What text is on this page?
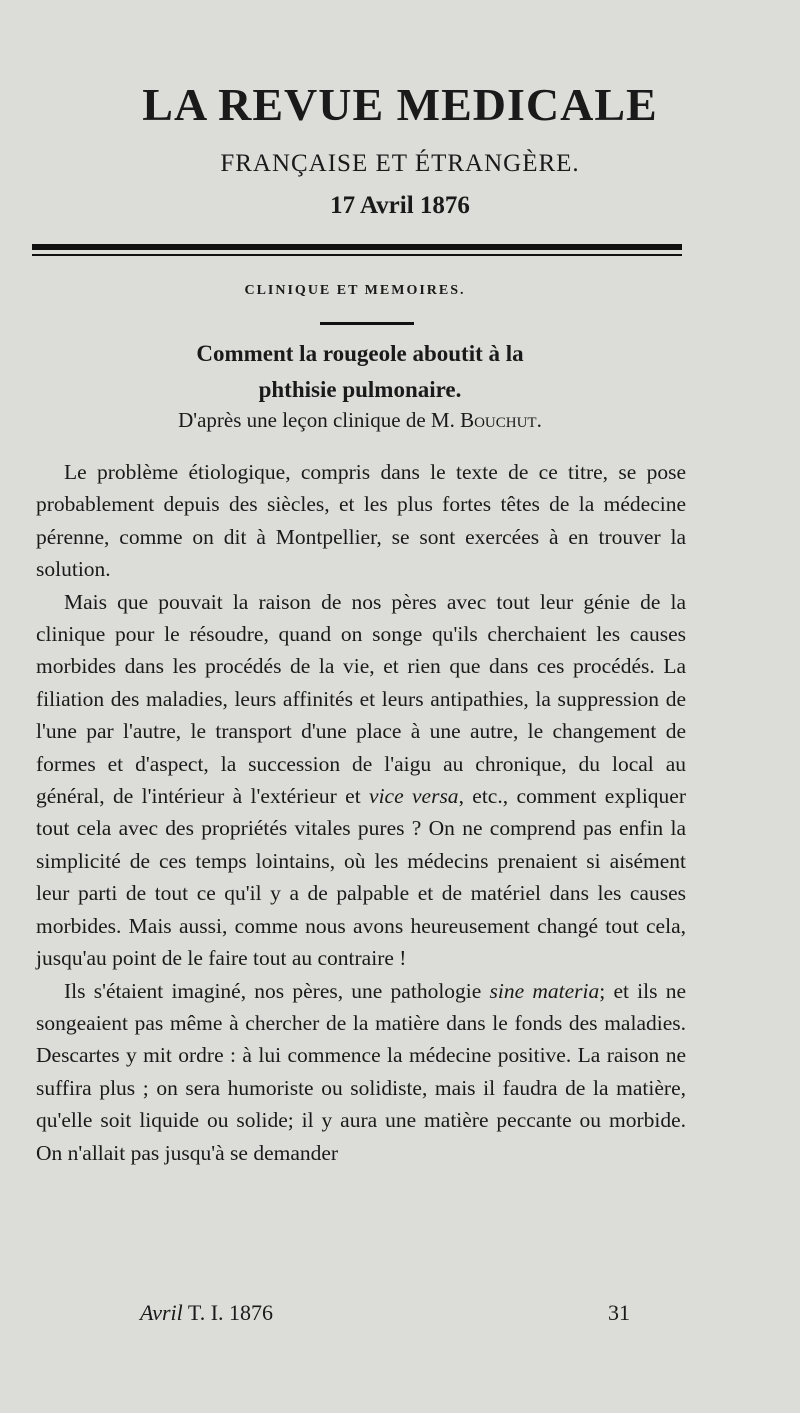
LA REVUE MEDICALE
FRANÇAISE ET ÉTRANGÈRE.
17 Avril 1876
CLINIQUE ET MEMOIRES.
Comment la rougeole aboutit à la
phthisie pulmonaire.
D'après une leçon clinique de M. Bouchut.

Le problème étiologique, compris dans le texte de ce titre, se pose probablement depuis des siècles, et les plus fortes têtes de la médecine pérenne, comme on dit à Montpellier, se sont exercées à en trouver la solution.

Mais que pouvait la raison de nos pères avec tout leur génie de la clinique pour le résoudre, quand on songe qu'ils cherchaient les causes morbides dans les procédés de la vie, et rien que dans ces procédés. La filiation des maladies, leurs affinités et leurs antipathies, la suppression de l'une par l'autre, le transport d'une place à une autre, le changement de formes et d'aspect, la succession de l'aigu au chronique, du local au général, de l'intérieur à l'extérieur et vice versa, etc., comment expliquer tout cela avec des propriétés vitales pures ? On ne comprend pas enfin la simplicité de ces temps lointains, où les médecins prenaient si aisément leur parti de tout ce qu'il y a de palpable et de matériel dans les causes morbides. Mais aussi, comme nous avons heureusement changé tout cela, jusqu'au point de le faire tout au contraire !

Ils s'étaient imaginé, nos pères, une pathologie sine materia; et ils ne songeaient pas même à chercher de la matière dans le fonds des maladies. Descartes y mit ordre : à lui commence la médecine positive. La raison ne suffira plus ; on sera humoriste ou solidiste, mais il faudra de la matière, qu'elle soit liquide ou solide; il y aura une matière peccante ou morbide. On n'allait pas jusqu'à se demander

Avril T. I. 1876	31
